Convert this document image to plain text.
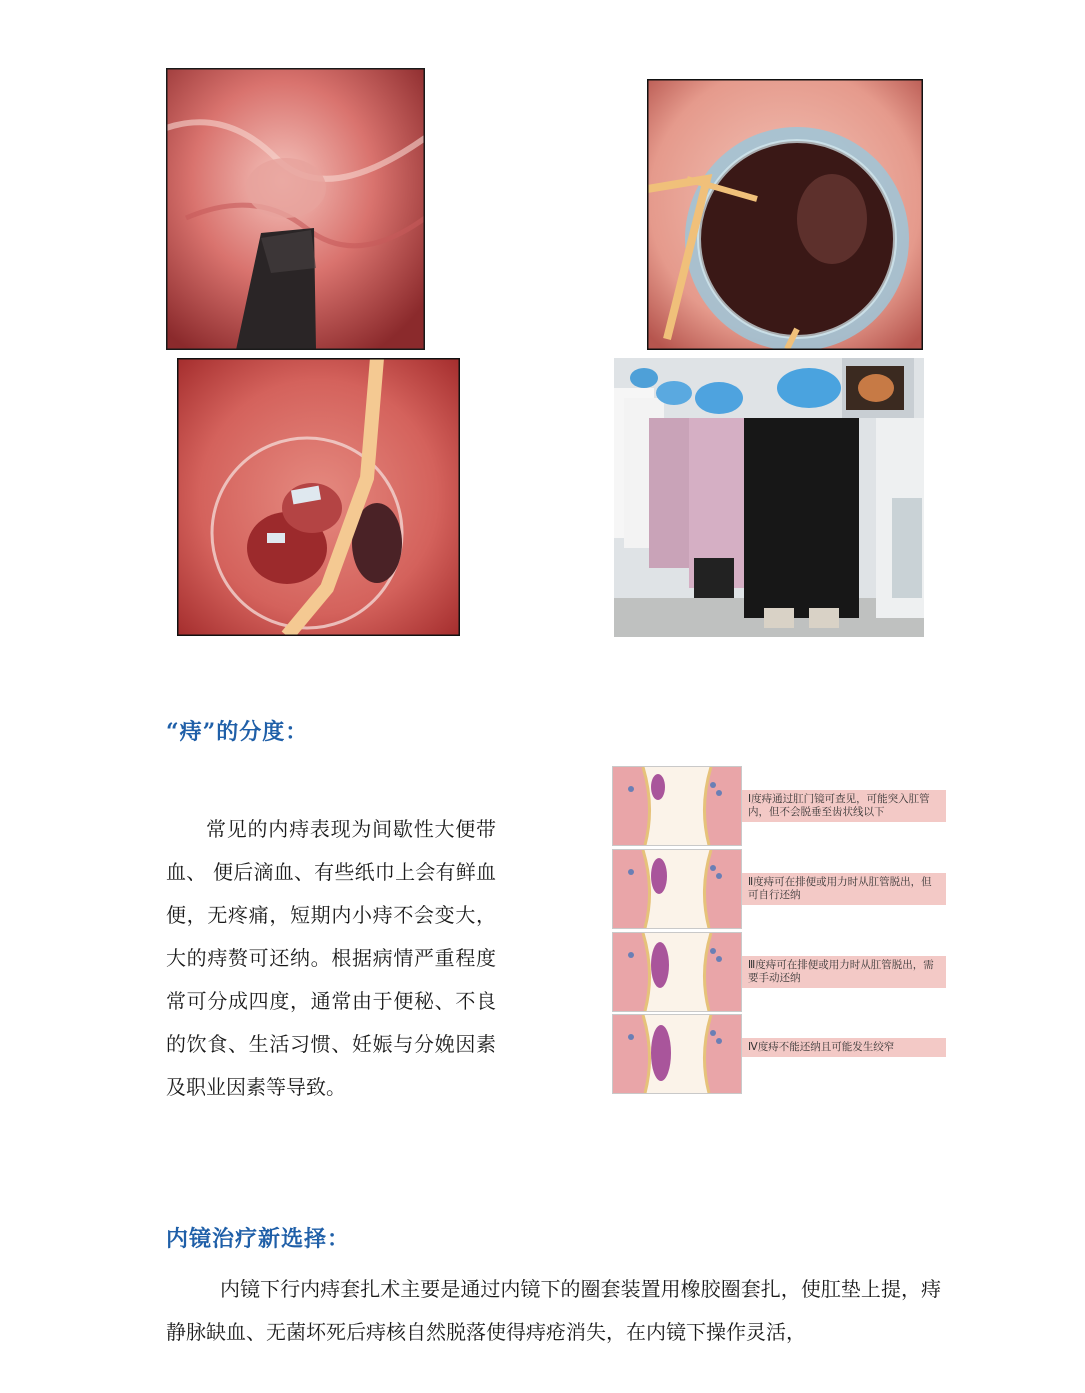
“痔”的分度：

常见的内痔表现为间歇性大便带血、 便后滴血、有些纸巾上会有鲜血便，无疼痛，短期内小痔不会变大，大的痔赘可还纳。根据病情严重程度常可分成四度，通常由于便秘、不良的饮食、生活习惯、妊娠与分娩因素及职业因素等导致。

Ⅰ度痔通过肛门镜可查见，可能突入肛管内，但不会脱垂至齿状线以下
Ⅱ度痔可在排便或用力时从肛管脱出，但可自行还纳
Ⅲ度痔可在排便或用力时从肛管脱出，需要手动还纳
Ⅳ度痔不能还纳且可能发生绞窄
内镜治疗新选择：

内镜下行内痔套扎术主要是通过内镜下的圈套装置用橡胶圈套扎，使肛垫上提，痔静脉缺血、无菌坏死后痔核自然脱落使得痔疮消失，在内镜下操作灵活，
